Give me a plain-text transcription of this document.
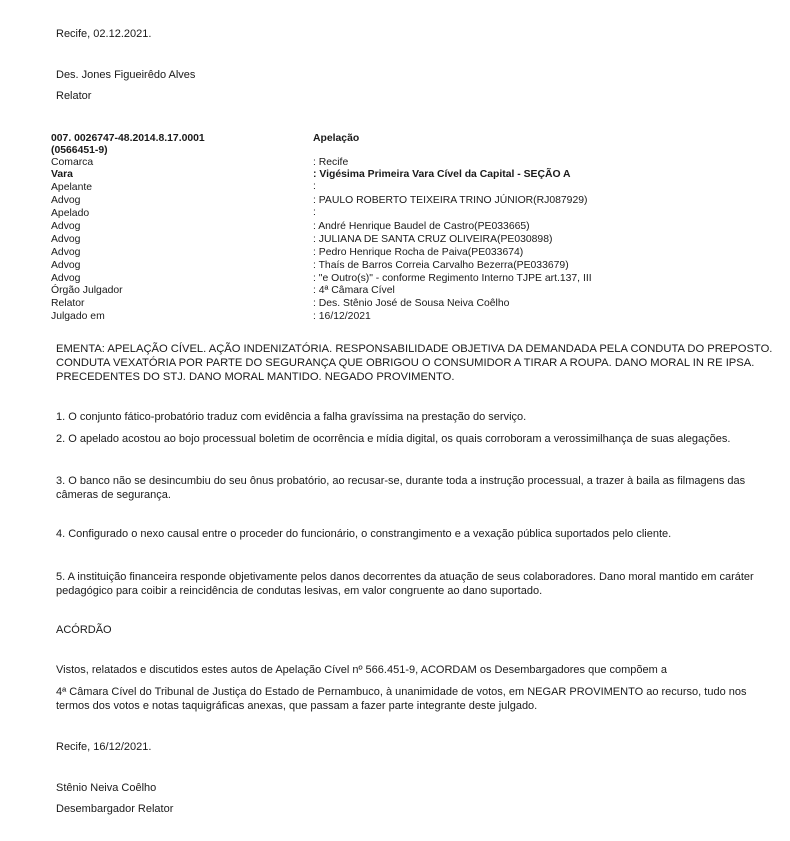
Recife, 02.12.2021.
Des. Jones Figueirêdo Alves
Relator
007. 0026747-48.2014.8.17.0001	Apelação
(0566451-9)
Comarca	: Recife
Vara	: Vigésima Primeira Vara Cível da Capital - SEÇÃO A
Apelante	:
Advog	: PAULO ROBERTO TEIXEIRA TRINO JÚNIOR(RJ087929)
Apelado	:
Advog	: André Henrique Baudel de Castro(PE033665)
Advog	: JULIANA DE SANTA CRUZ OLIVEIRA(PE030898)
Advog	: Pedro Henrique Rocha de Paiva(PE033674)
Advog	: Thaís de Barros Correia Carvalho Bezerra(PE033679)
Advog	: "e Outro(s)" - conforme Regimento Interno TJPE art.137, III
Órgão Julgador	: 4ª Câmara Cível
Relator	: Des. Stênio José de Sousa Neiva Coêlho
Julgado em	: 16/12/2021
EMENTA: APELAÇÃO CÍVEL. AÇÃO INDENIZATÓRIA. RESPONSABILIDADE OBJETIVA DA DEMANDADA PELA CONDUTA DO PREPOSTO.
CONDUTA VEXATÓRIA POR PARTE DO SEGURANÇA QUE OBRIGOU O CONSUMIDOR A TIRAR A ROUPA. DANO MORAL IN RE IPSA.
PRECEDENTES DO STJ. DANO MORAL MANTIDO. NEGADO PROVIMENTO.
1. O conjunto fático-probatório traduz com evidência a falha gravíssima na prestação do serviço.
2. O apelado acostou ao bojo processual boletim de ocorrência e mídia digital, os quais corroboram a verossimilhança de suas alegações.
3. O banco não se desincumbiu do seu ônus probatório, ao recusar-se, durante toda a instrução processual, a trazer à baila as filmagens das
câmeras de segurança.
4. Configurado o nexo causal entre o proceder do funcionário, o constrangimento e a vexação pública suportados pelo cliente.
5. A instituição financeira responde objetivamente pelos danos decorrentes da atuação de seus colaboradores. Dano moral mantido em caráter
pedagógico para coibir a reincidência de condutas lesivas, em valor congruente ao dano suportado.
ACÓRDÃO
Vistos, relatados e discutidos estes autos de Apelação Cível nº 566.451-9, ACORDAM os Desembargadores que compõem a
4ª Câmara Cível do Tribunal de Justiça do Estado de Pernambuco, à unanimidade de votos, em NEGAR PROVIMENTO ao recurso, tudo nos
termos dos votos e notas taquigráficas anexas, que passam a fazer parte integrante deste julgado.
Recife, 16/12/2021.
Stênio Neiva Coêlho
Desembargador Relator
